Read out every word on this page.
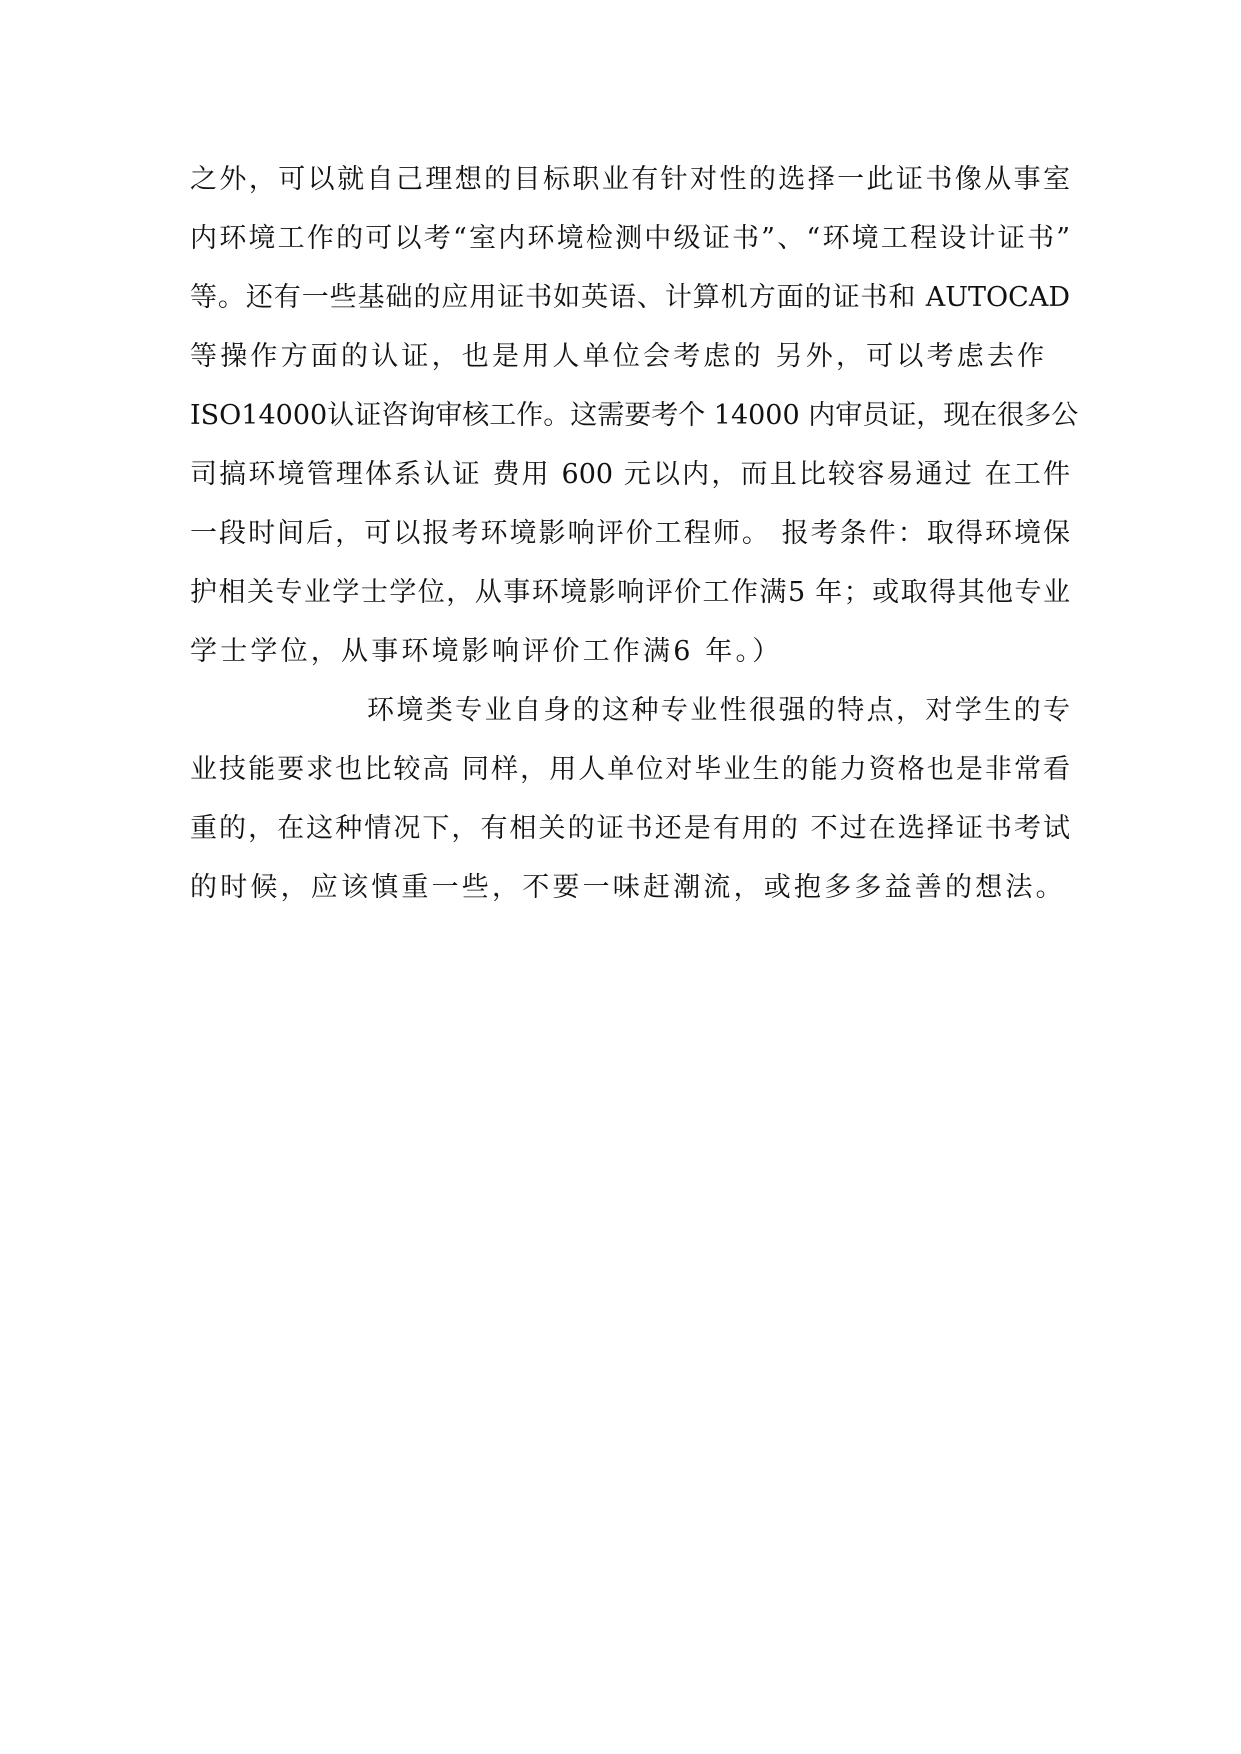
之外，可以就自己理想的目标职业有针对性的选择一此证书像从事室
内环境工作的可以考“室内环境检测中级证书”、“环境工程设计证书”
等。还有一些基础的应用证书如英语、计算机方面的证书和 AUTOCAD
等操作方面的认证，也是用人单位会考虑的 另外，可以考虑去作
ISO14000认证咨询审核工作。这需要考个 14000 内审员证，现在很多公
司搞环境管理体系认证 费用 600 元以内，而且比较容易通过 在工件
一段时间后，可以报考环境影响评价工程师。 报考条件：取得环境保
护相关专业学士学位，从事环境影响评价工作满5 年；或取得其他专业
学士学位，从事环境影响评价工作满6 年。）
环境类专业自身的这种专业性很强的特点，对学生的专
业技能要求也比较高 同样，用人单位对毕业生的能力资格也是非常看
重的，在这种情况下，有相关的证书还是有用的 不过在选择证书考试
的时候，应该慎重一些，不要一味赶潮流，或抱多多益善的想法。
